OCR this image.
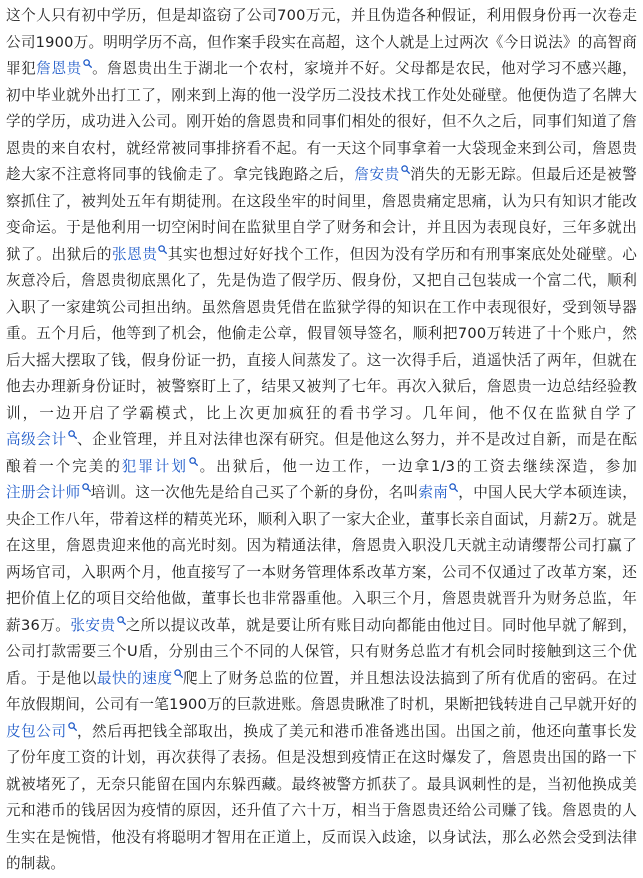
这个人只有初中学历，但是却盗窃了公司700万元，并且伪造各种假证，利用假身份再一次卷走公司1900万。明明学历不高，但作案手段实在高超，这个人就是上过两次《今日说法》的高智商罪犯詹恩贵 。詹恩贵出生于湖北一个农村，家境并不好。父母都是农民，他对学习不感兴趣，初中毕业就外出打工了，刚来到上海的他一没学历二没技术找工作处处碰壁。他便伪造了名牌大学的学历，成功进入公司。刚开始的詹恩贵和同事们相处的很好，但不久之后，同事们知道了詹恩贵的来自农村，就经常被同事排挤看不起。有一天这个同事拿着一大袋现金来到公司，詹恩贵趁大家不注意将同事的钱偷走了。拿完钱跑路之后，詹安贵 消失的无影无踪。但最后还是被警察抓住了，被判处五年有期徒刑。在这段坐牢的时间里，詹恩贵痛定思痛，认为只有知识才能改变命运。于是他利用一切空闲时间在监狱里自学了财务和会计，并且因为表现良好，三年多就出狱了。出狱后的张恩贵 其实也想过好好找个工作，但因为没有学历和有刑事案底处处碰壁。心灰意冷后，詹恩贵彻底黑化了，先是伪造了假学历、假身份，又把自己包装成一个富二代，顺利入职了一家建筑公司担出纳。虽然詹恩贵凭借在监狱学得的知识在工作中表现很好，受到领导器重。五个月后，他等到了机会，他偷走公章，假冒领导签名，顺利把700万转进了十个账户，然后大摇大摆取了钱，假身份证一扔，直接人间蒸发了。这一次得手后，逍遥快活了两年，但就在他去办理新身份证时，被警察盯上了，结果又被判了七年。再次入狱后，詹恩贵一边总结经验教训，一边开启了学霸模式，比上次更加疯狂的看书学习。几年间，他不仅在监狱自学了高级会计 、企业管理，并且对法律也深有研究。但是他这么努力，并不是改过自新，而是在酝酿着一个完美的犯罪计划 。出狱后，他一边工作，一边拿1/3的工资去继续深造，参加注册会计师 培训。这一次他先是给自己买了个新的身份，名叫索南 ，中国人民大学本硕连读，央企工作八年，带着这样的精英光环，顺利入职了一家大企业，董事长亲自面试，月薪2万。就是在这里，詹恩贵迎来他的高光时刻。因为精通法律，詹恩贵入职没几天就主动请缨帮公司打赢了两场官司，入职两个月，他直接写了一本财务管理体系改革方案，公司不仅通过了改革方案，还把价值上亿的项目交给他做，董事长也非常器重他。入职三个月，詹恩贵就晋升为财务总监，年薪36万。张安贵 之所以提议改革，就是要让所有账目动向都能由他过目。同时他早就了解到，公司打款需要三个U盾，分别由三个不同的人保管，只有财务总监才有机会同时接触到这三个优盾。于是他以最快的速度 爬上了财务总监的位置，并且想法设法搞到了所有优盾的密码。在过年放假期间，公司有一笔1900万的巨款进账。詹恩贵瞅准了时机，果断把钱转进自己早就开好的皮包公司 ，然后再把钱全部取出，换成了美元和港币准备逃出国。出国之前，他还向董事长发了份年度工资的计划，再次获得了表扬。但是没想到疫情正在这时爆发了，詹恩贵出国的路一下就被堵死了，无奈只能留在国内东躲西藏。最终被警方抓获了。最具讽刺性的是，当初他换成美元和港币的钱居因为疫情的原因，还升值了六十万，相当于詹恩贵还给公司赚了钱。詹恩贵的人生实在是惋惜，他没有将聪明才智用在正道上，反而误入歧途，以身试法，那么必然会受到法律的制裁。
